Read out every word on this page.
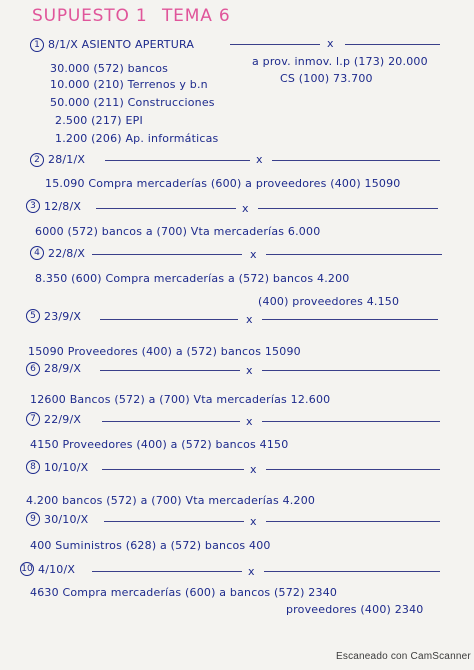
SUPUESTO 1 TEMA 6
1 8/1/X ASIENTO APERTURA	x
30.000 (572) bancos
10.000 (210) Terrenos y b.n
50.000 (211) Construcciones
2.500 (217) EPI
1.200 (206) Ap. informáticas
a prov. inmov. l.p (173) 20.000
CS (100) 73.700
2 28/1/X	x
15.090 Compra mercaderías (600) a proveedores (400) 15090
3 12/8/X	x
6000 (572) bancos a (700) Vta mercaderías 6.000
4 22/8/X	x
8.350 (600) Compra mercaderías a (572) bancos 4.200
(400) proveedores 4.150
5 23/9/X	x
15090 Proveedores (400) a (572) bancos 15090
6 28/9/X	x
12600 Bancos (572) a (700) Vta mercaderías 12.600
7 22/9/X	x
4150 Proveedores (400) a (572) bancos 4150
8 10/10/X	x
4.200 bancos (572) a (700) Vta mercaderías 4.200
9 30/10/X	x
400 Suministros (628) a (572) bancos 400
10 4/10/X	x
4630 Compra mercaderías (600) a bancos (572) 2340
proveedores (400) 2340
Escaneado con CamScanner
